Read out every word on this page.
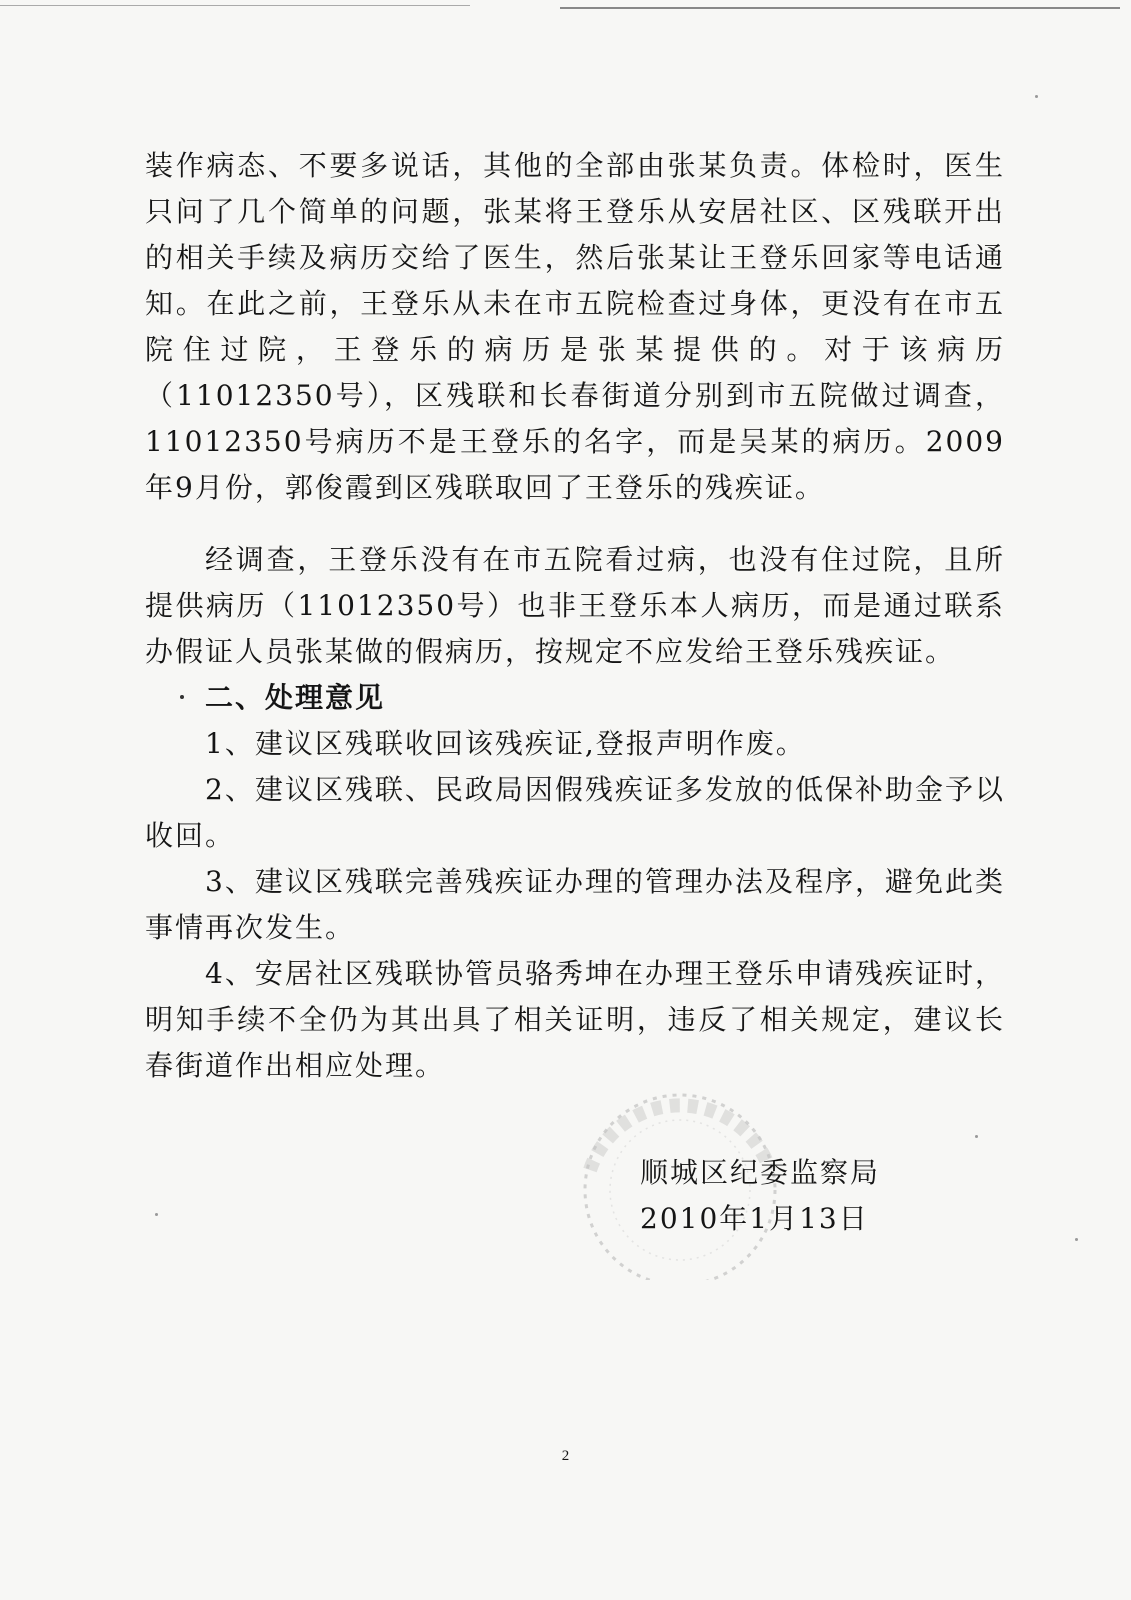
装作病态、不要多说话，其他的全部由张某负责。体检时，医生只问了几个简单的问题，张某将王登乐从安居社区、区残联开出的相关手续及病历交给了医生，然后张某让王登乐回家等电话通知。在此之前，王登乐从未在市五院检查过身体，更没有在市五院住过院，王登乐的病历是张某提供的。对于该病历（11012350号），区残联和长春街道分别到市五院做过调查，11012350号病历不是王登乐的名字，而是吴某的病历。2009年9月份，郭俊霞到区残联取回了王登乐的残疾证。

经调查，王登乐没有在市五院看过病，也没有住过院，且所提供病历（11012350号）也非王登乐本人病历，而是通过联系办假证人员张某做的假病历，按规定不应发给王登乐残疾证。

二、处理意见

1、建议区残联收回该残疾证,登报声明作废。

2、建议区残联、民政局因假残疾证多发放的低保补助金予以收回。

3、建议区残联完善残疾证办理的管理办法及程序，避免此类事情再次发生。

4、安居社区残联协管员骆秀坤在办理王登乐申请残疾证时，明知手续不全仍为其出具了相关证明，违反了相关规定，建议长春街道作出相应处理。

顺城区纪委监察局
2010年1月13日
2
